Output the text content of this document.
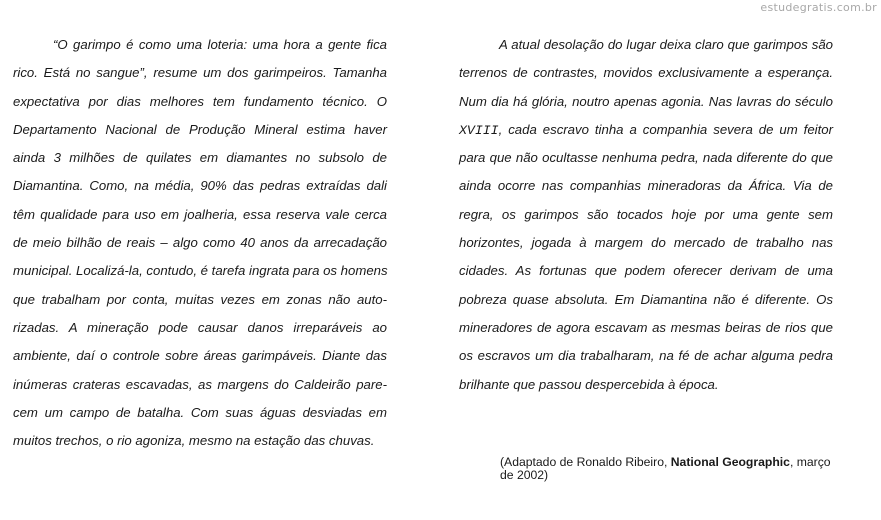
estudegratis.com.br
“O garimpo é como uma loteria: uma hora a gente fica
rico. Está no sangue”, resume um dos garimpeiros. Tamanha
expectativa por dias melhores tem fundamento técnico. O
Departamento Nacional de Produção Mineral estima haver
ainda 3 milhões de quilates em diamantes no subsolo de
Diamantina. Como, na média, 90% das pedras extraídas dali
têm qualidade para uso em joalheria, essa reserva vale cerca
de meio bilhão de reais – algo como 40 anos da arrecadação
municipal. Localizá-la, contudo, é tarefa ingrata para os homens
que trabalham por conta, muitas vezes em zonas não auto-
rizadas. A mineração pode causar danos irreparáveis ao
ambiente, daí o controle sobre áreas garimpáveis. Diante das
inúmeras crateras escavadas, as margens do Caldeirão pare-
cem um campo de batalha. Com suas águas desviadas em
muitos trechos, o rio agoniza, mesmo na estação das chuvas.
A atual desolação do lugar deixa claro que garimpos são
terrenos de contrastes, movidos exclusivamente a esperança.
Num dia há glória, noutro apenas agonia. Nas lavras do século
XVIII, cada escravo tinha a companhia severa de um feitor
para que não ocultasse nenhuma pedra, nada diferente do que
ainda ocorre nas companhias mineradoras da África. Via de
regra, os garimpos são tocados hoje por uma gente sem
horizontes, jogada à margem do mercado de trabalho nas
cidades. As fortunas que podem oferecer derivam de uma
pobreza quase absoluta. Em Diamantina não é diferente. Os
mineradores de agora escavam as mesmas beiras de rios que
os escravos um dia trabalharam, na fé de achar alguma pedra
brilhante que passou despercebida à época.
(Adaptado de Ronaldo Ribeiro, National Geographic, março de 2002)
